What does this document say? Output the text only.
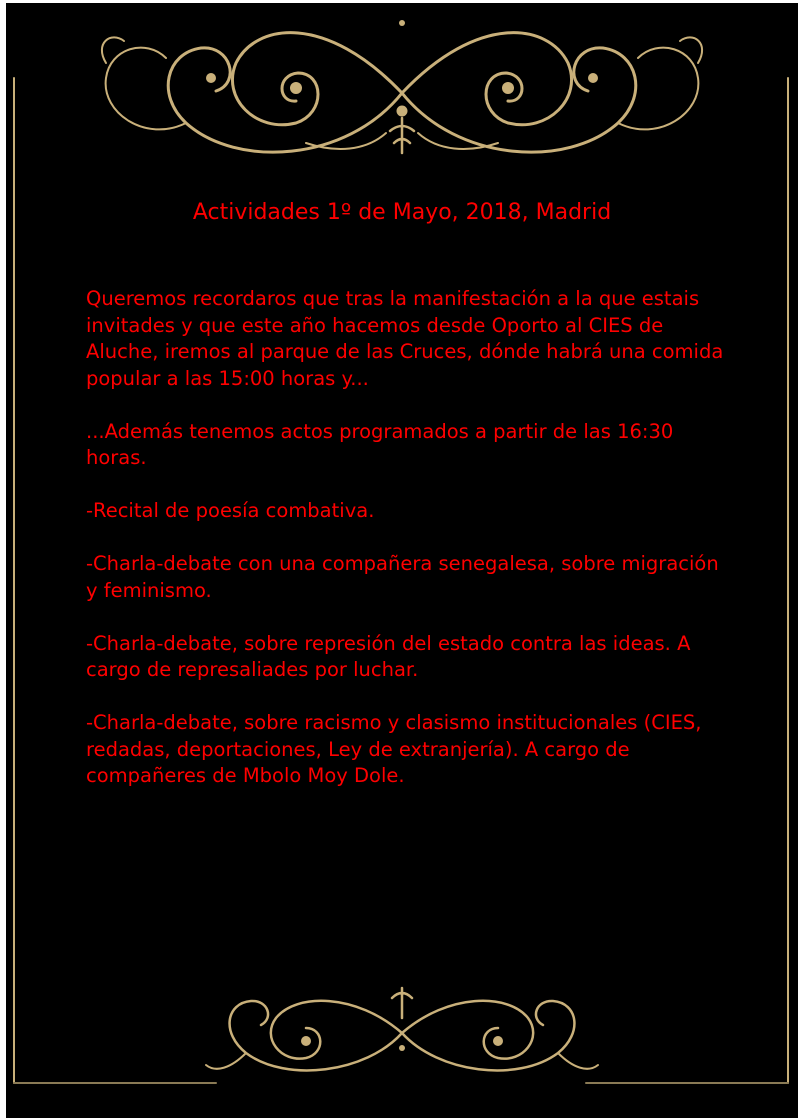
Actividades 1º de Mayo, 2018, Madrid

Queremos recordaros que tras la manifestación a la que estais invitades y que este año hacemos desde Oporto al CIES de Aluche, iremos al parque de las Cruces, dónde habrá una comida popular a las 15:00 horas y...

...Además tenemos actos programados a partir de las 16:30 horas.

-Recital de poesía combativa.

-Charla-debate con una compañera senegalesa, sobre migración y feminismo.

-Charla-debate, sobre represión del estado contra las ideas. A cargo de represaliades por luchar.

-Charla-debate, sobre racismo y clasismo institucionales (CIES, redadas, deportaciones, Ley de extranjería). A cargo de compañeres de Mbolo Moy Dole.
